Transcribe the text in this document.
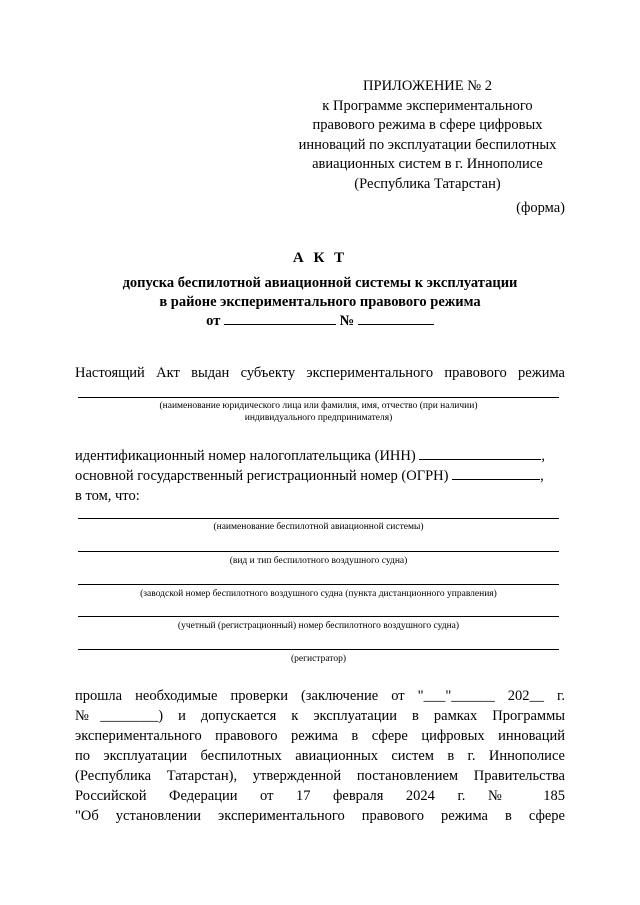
ПРИЛОЖЕНИЕ № 2
к Программе экспериментального
правового режима в сфере цифровых
инноваций по эксплуатации беспилотных
авиационных систем в г. Иннополисе
(Республика Татарстан)
(форма)
А К Т
допуска беспилотной авиационной системы к эксплуатации
в районе экспериментального правового режима
от	№
Настоящий Акт выдан субъекту экспериментального правового режима
(наименование юридического лица или фамилия, имя, отчество (при наличии)
индивидуального предпринимателя)
идентификационный номер налогоплательщика (ИНН)	,
основной государственный регистрационный номер (ОГРН)	,
в том, что:
(наименование беспилотной авиационной системы)
(вид и тип беспилотного воздушного судна)
(заводской номер беспилотного воздушного судна (пункта дистанционного управления)
(учетный (регистрационный) номер беспилотного воздушного судна)
(регистратор)
прошла необходимые проверки (заключение от "___"______ 202__ г.
№________) и допускается к эксплуатации в рамках Программы
экспериментального правового режима в сфере цифровых инноваций
по эксплуатации беспилотных авиационных систем в г. Иннополисе
(Республика Татарстан), утвержденной постановлением Правительства
Российской Федерации от 17 февраля 2024 г. № 185
"Об установлении экспериментального правового режима в сфере
